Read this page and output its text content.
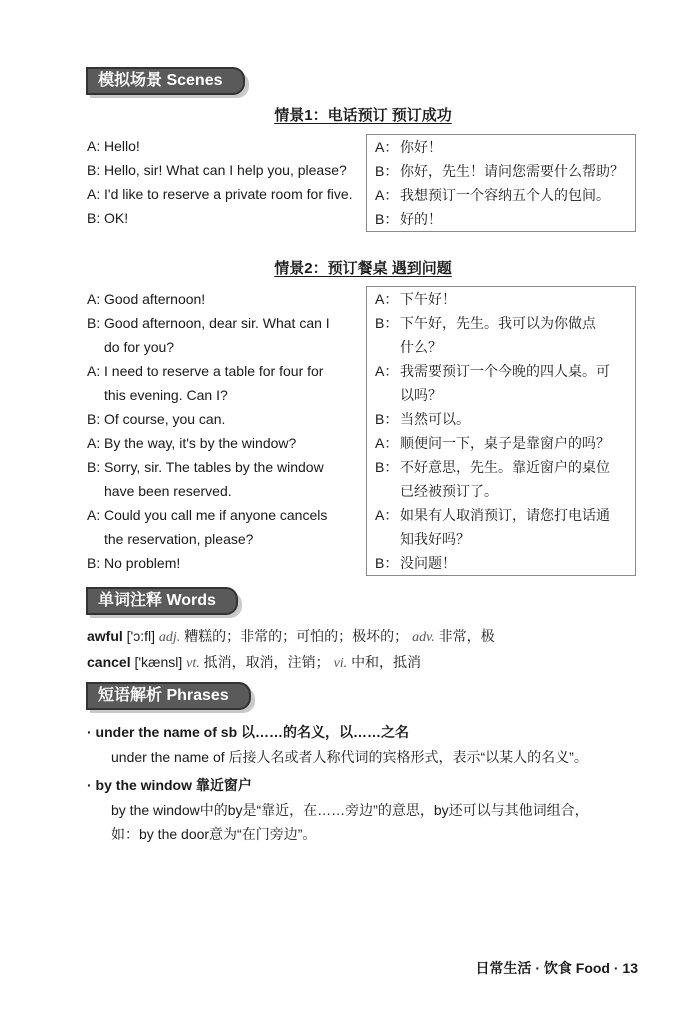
模拟场景 Scenes
情景1：电话预订 预订成功
A: Hello!
B: Hello, sir! What can I help you, please?
A: I'd like to reserve a private room for five.
B: OK!
A： 你好！
B： 你好，先生！请问您需要什么帮助？
A： 我想预订一个容纳五个人的包间。
B： 好的！
情景2：预订餐桌 遇到问题
A: Good afternoon!
B: Good afternoon, dear sir. What can I
do for you?
A: I need to reserve a table for four for
this evening. Can I?
B: Of course, you can.
A: By the way, it's by the window?
B: Sorry, sir. The tables by the window
have been reserved.
A: Could you call me if anyone cancels
the reservation, please?
B: No problem!
A： 下午好！
B： 下午好，先生。我可以为你做点
什么？
A： 我需要预订一个今晚的四人桌。可
以吗？
B： 当然可以。
A： 顺便问一下，桌子是靠窗户的吗？
B： 不好意思，先生。靠近窗户的桌位
已经被预订了。
A： 如果有人取消预订，请您打电话通
知我好吗？
B： 没问题！
单词注释 Words
awful ['ɔ:fl] adj. 糟糕的；非常的；可怕的；极坏的； adv. 非常，极
cancel ['kænsl] vt. 抵消，取消，注销； vi. 中和，抵消
短语解析 Phrases
· under the name of sb 以……的名义，以……之名
under the name of 后接人名或者人称代词的宾格形式，表示“以某人的名义”。
· by the window 靠近窗户
by the window中的by是“靠近，在……旁边”的意思，by还可以与其他词组合，
如：by the door意为“在门旁边”。
日常生活 · 饮食 Food · 13
